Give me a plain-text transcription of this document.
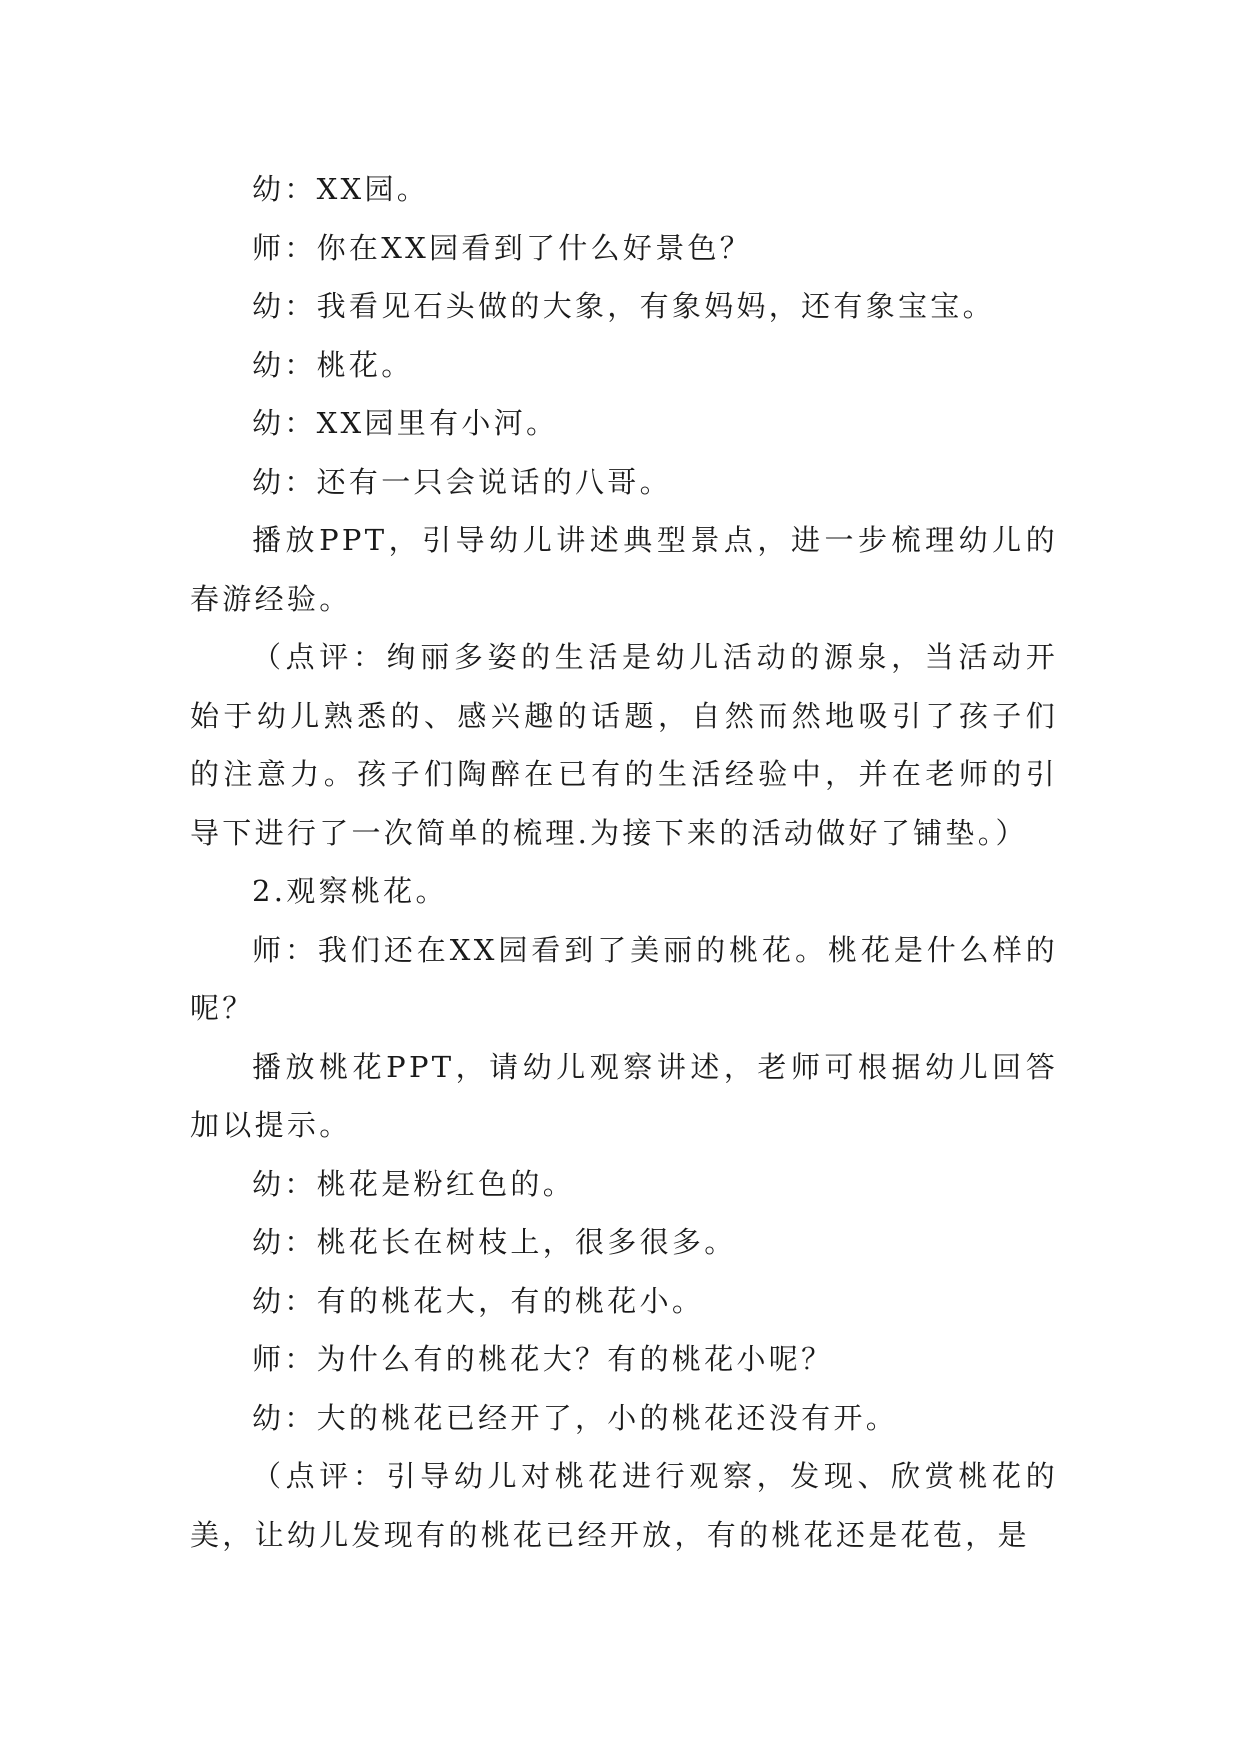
幼：XX园。

师：你在XX园看到了什么好景色？

幼：我看见石头做的大象，有象妈妈，还有象宝宝。

幼：桃花。

幼：XX园里有小河。

幼：还有一只会说话的八哥。

播放PPT，引导幼儿讲述典型景点，进一步梳理幼儿的春游经验。

（点评：绚丽多姿的生活是幼儿活动的源泉，当活动开始于幼儿熟悉的、感兴趣的话题，自然而然地吸引了孩子们的注意力。孩子们陶醉在已有的生活经验中，并在老师的引导下进行了一次简单的梳理.为接下来的活动做好了铺垫。）

2.观察桃花。

师：我们还在XX园看到了美丽的桃花。桃花是什么样的呢？

播放桃花PPT，请幼儿观察讲述，老师可根据幼儿回答加以提示。

幼：桃花是粉红色的。

幼：桃花长在树枝上，很多很多。

幼：有的桃花大，有的桃花小。

师：为什么有的桃花大？有的桃花小呢？

幼：大的桃花已经开了，小的桃花还没有开。

（点评：引导幼儿对桃花进行观察，发现、欣赏桃花的美，让幼儿发现有的桃花已经开放，有的桃花还是花苞，是
